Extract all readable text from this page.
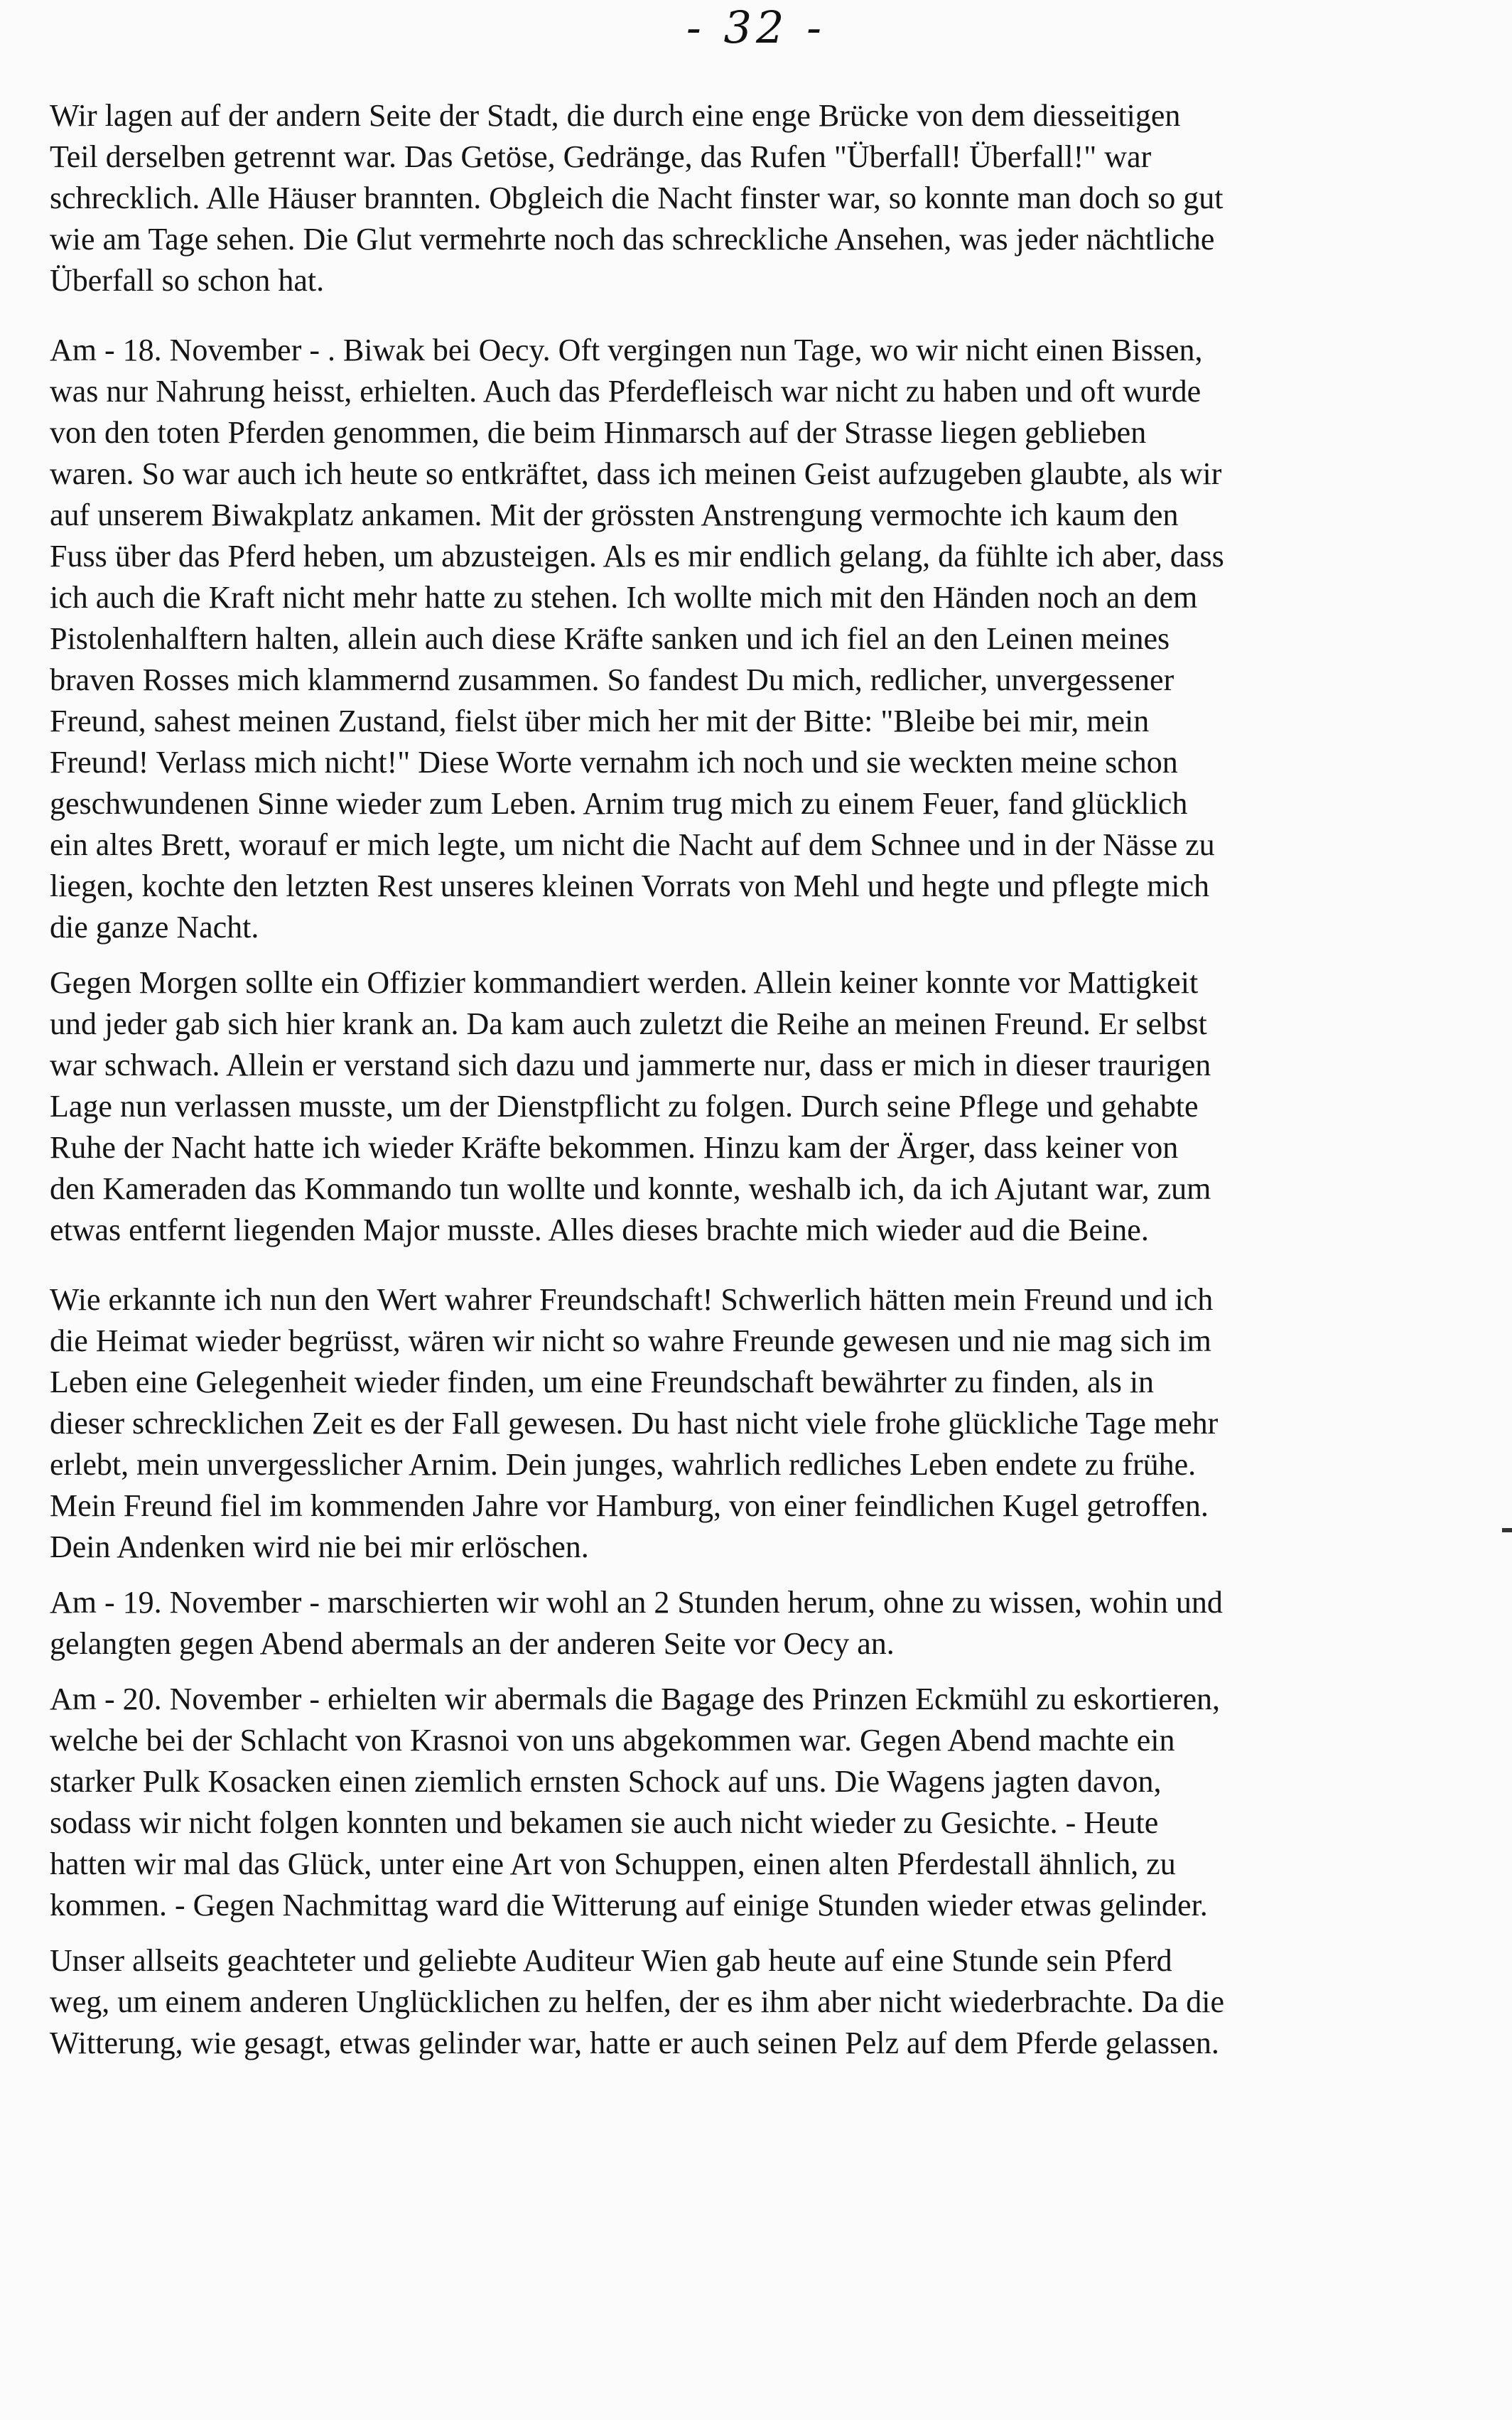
- 32 -
Wir lagen auf der andern Seite der Stadt, die durch eine enge Brücke von dem diesseitigen
Teil derselben getrennt war. Das Getöse, Gedränge, das Rufen "Überfall! Überfall!" war
schrecklich. Alle Häuser brannten. Obgleich die Nacht finster war, so konnte man doch so gut
wie am Tage sehen. Die Glut vermehrte noch das schreckliche Ansehen, was jeder nächtliche
Überfall so schon hat.
Am - 18. November - . Biwak bei Oecy. Oft vergingen nun Tage, wo wir nicht einen Bissen,
was nur Nahrung heisst, erhielten. Auch das Pferdefleisch war nicht zu haben und oft wurde
von den toten Pferden genommen, die beim Hinmarsch auf der Strasse liegen geblieben
waren. So war auch ich heute so entkräftet, dass ich meinen Geist aufzugeben glaubte, als wir
auf unserem Biwakplatz ankamen. Mit der grössten Anstrengung vermochte ich kaum den
Fuss über das Pferd heben, um abzusteigen. Als es mir endlich gelang, da fühlte ich aber, dass
ich auch die Kraft nicht mehr hatte zu stehen. Ich wollte mich mit den Händen noch an dem
Pistolenhalftern halten, allein auch diese Kräfte sanken und ich fiel an den Leinen meines
braven Rosses mich klammernd zusammen. So fandest Du mich, redlicher, unvergessener
Freund, sahest meinen Zustand, fielst über mich her mit der Bitte: "Bleibe bei mir, mein
Freund! Verlass mich nicht!" Diese Worte vernahm ich noch und sie weckten meine schon
geschwundenen Sinne wieder zum Leben. Arnim trug mich zu einem Feuer, fand glücklich
ein altes Brett, worauf er mich legte, um nicht die Nacht auf dem Schnee und in der Nässe zu
liegen, kochte den letzten Rest unseres kleinen Vorrats von Mehl und hegte und pflegte mich
die ganze Nacht.
Gegen Morgen sollte ein Offizier kommandiert werden. Allein keiner konnte vor Mattigkeit
und jeder gab sich hier krank an. Da kam auch zuletzt die Reihe an meinen Freund. Er selbst
war schwach. Allein er verstand sich dazu und jammerte nur, dass er mich in dieser traurigen
Lage nun verlassen musste, um der Dienstpflicht zu folgen. Durch seine Pflege und gehabte
Ruhe der Nacht hatte ich wieder Kräfte bekommen. Hinzu kam der Ärger, dass keiner von
den Kameraden das Kommando tun wollte und konnte, weshalb ich, da ich Ajutant war, zum
etwas entfernt liegenden Major musste. Alles dieses brachte mich wieder aud die Beine.
Wie erkannte ich nun den Wert wahrer Freundschaft! Schwerlich hätten mein Freund und ich
die Heimat wieder begrüsst, wären wir nicht so wahre Freunde gewesen und nie mag sich im
Leben eine Gelegenheit wieder finden, um eine Freundschaft bewährter zu finden, als in
dieser schrecklichen Zeit es der Fall gewesen. Du hast nicht viele frohe glückliche Tage mehr
erlebt, mein unvergesslicher Arnim. Dein junges, wahrlich redliches Leben endete zu frühe.
Mein Freund fiel im kommenden Jahre vor Hamburg, von einer feindlichen Kugel getroffen.
Dein Andenken wird nie bei mir erlöschen.
Am - 19. November - marschierten wir wohl an 2 Stunden herum, ohne zu wissen, wohin und
gelangten gegen Abend abermals an der anderen Seite vor Oecy an.
Am - 20. November - erhielten wir abermals die Bagage des Prinzen Eckmühl zu eskortieren,
welche bei der Schlacht von Krasnoi von uns abgekommen war. Gegen Abend machte ein
starker Pulk Kosacken einen ziemlich ernsten Schock auf uns. Die Wagens jagten davon,
sodass wir nicht folgen konnten und bekamen sie auch nicht wieder zu Gesichte. - Heute
hatten wir mal das Glück, unter eine Art von Schuppen, einen alten Pferdestall ähnlich, zu
kommen. - Gegen Nachmittag ward die Witterung auf einige Stunden wieder etwas gelinder.
Unser allseits geachteter und geliebte Auditeur Wien gab heute auf eine Stunde sein Pferd
weg, um einem anderen Unglücklichen zu helfen, der es ihm aber nicht wiederbrachte. Da die
Witterung, wie gesagt, etwas gelinder war, hatte er auch seinen Pelz auf dem Pferde gelassen.
